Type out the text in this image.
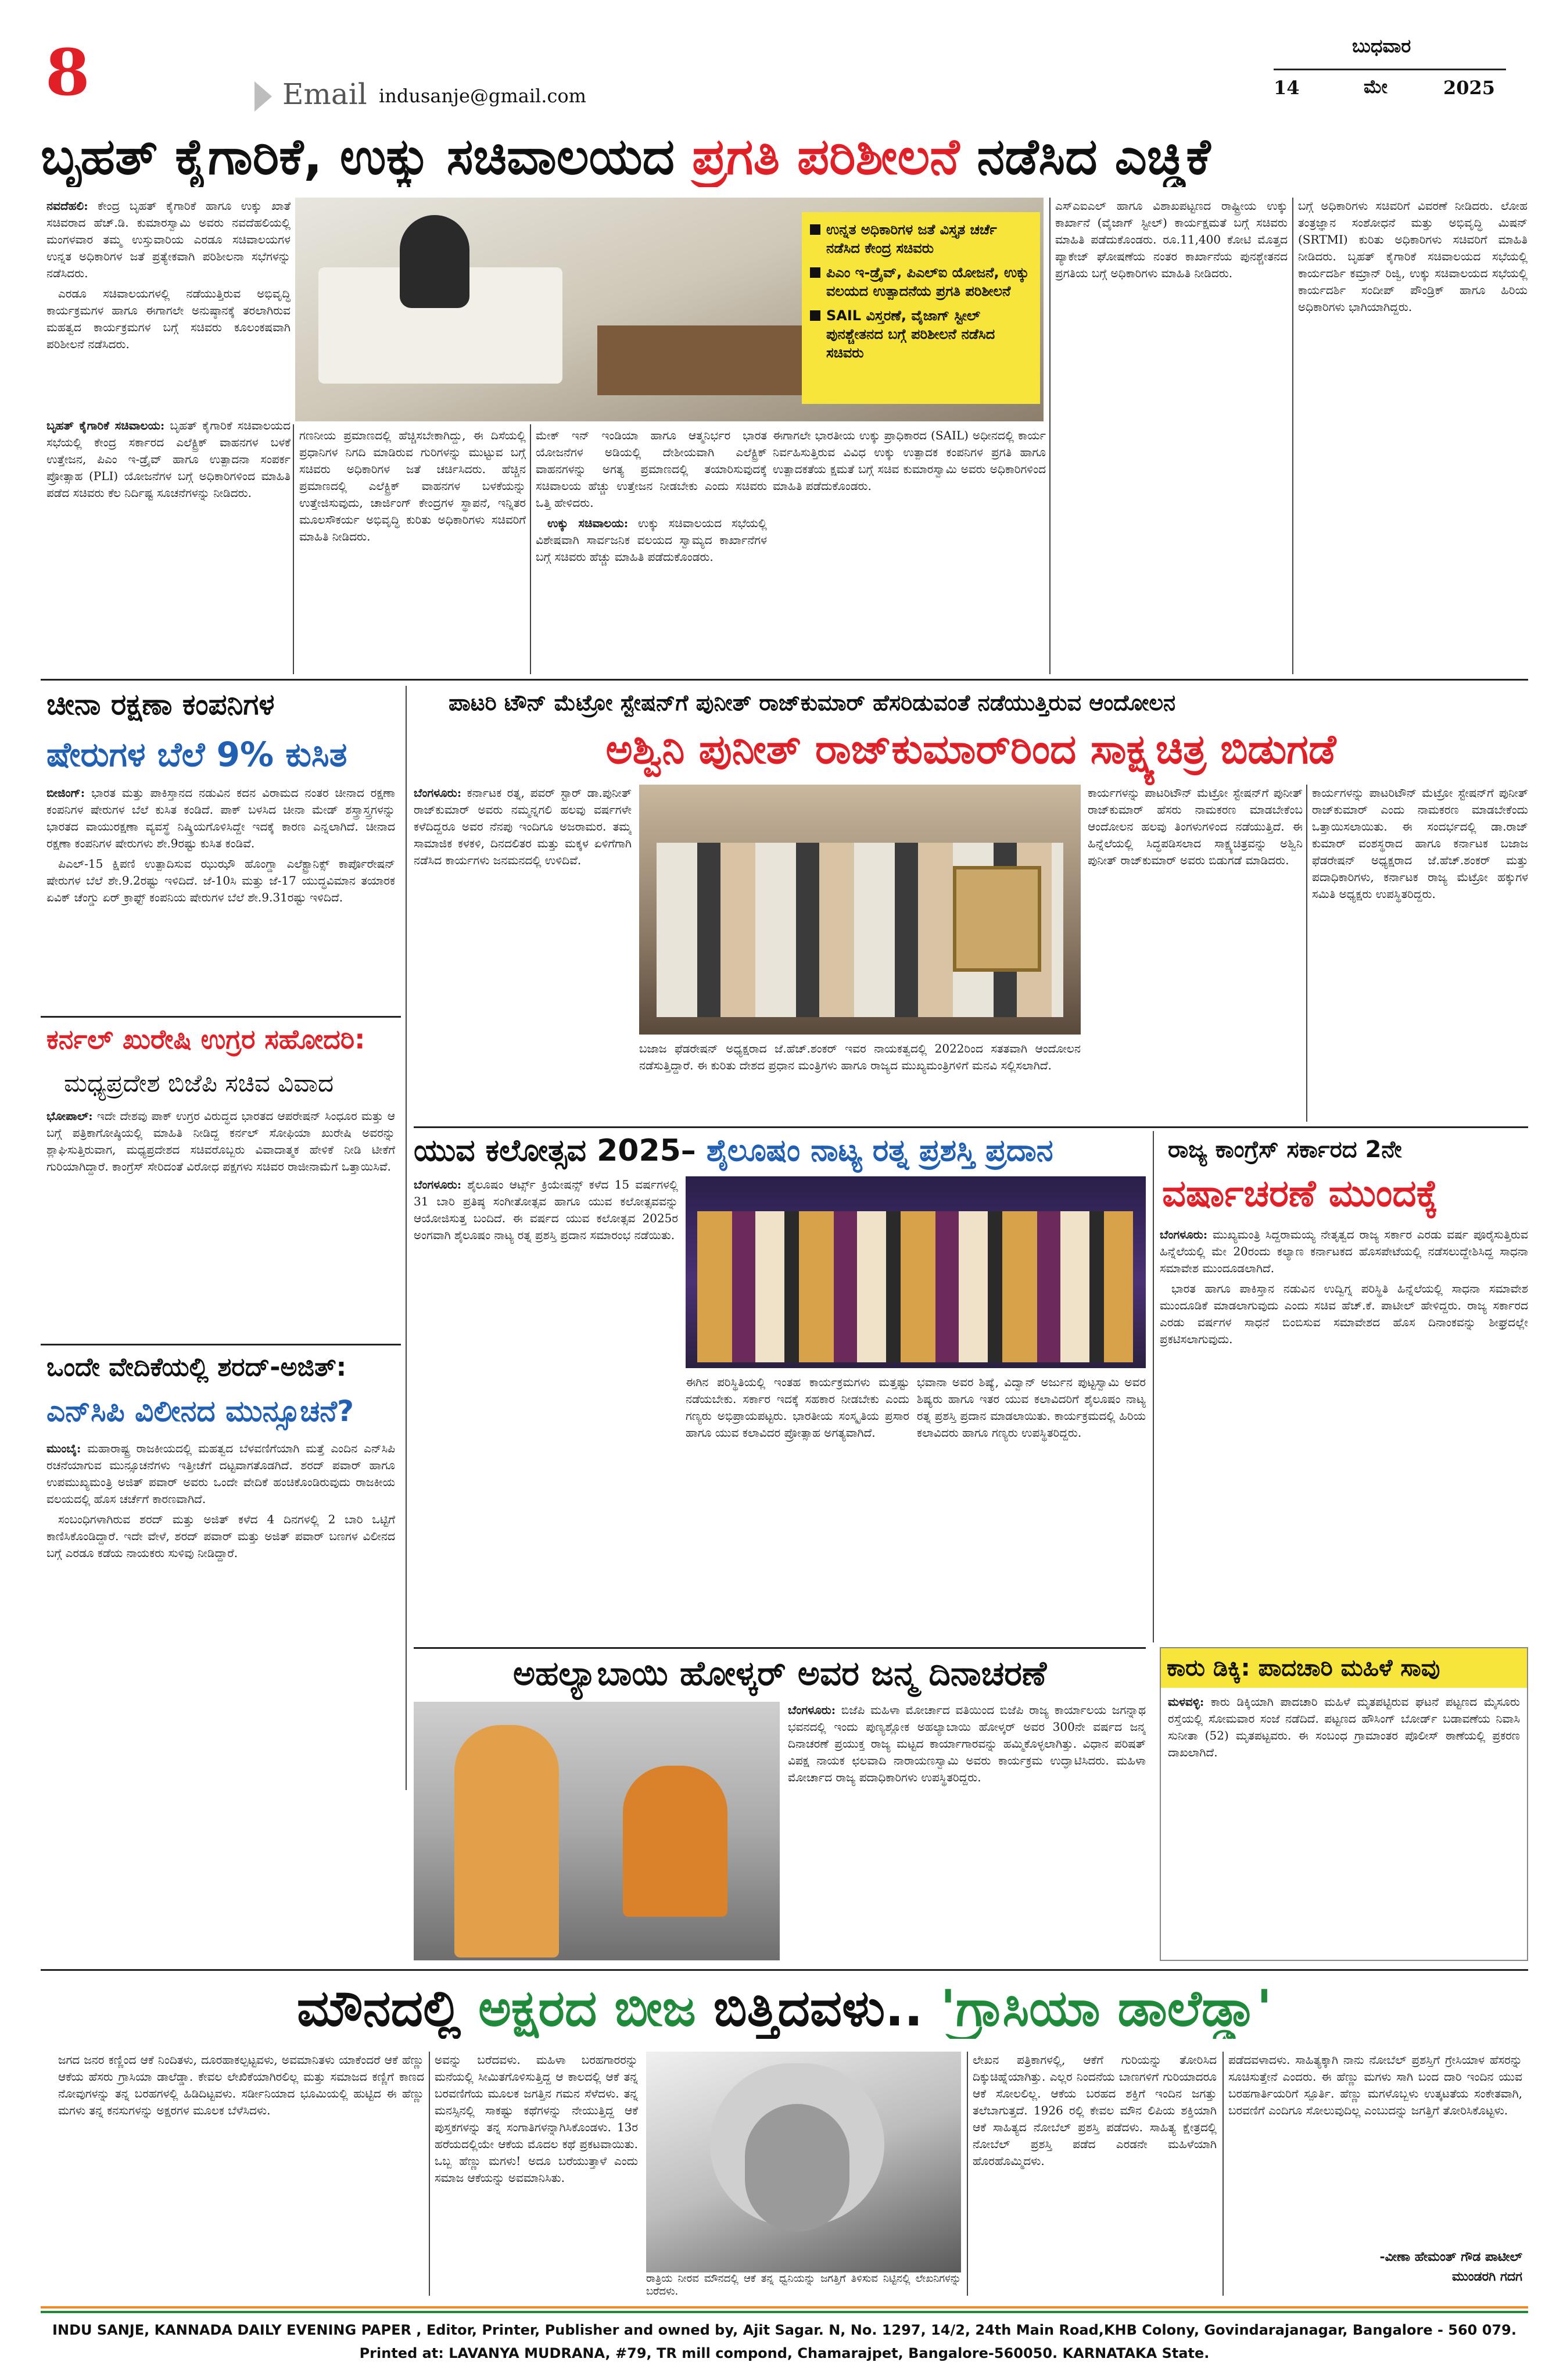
8	Email indusanje@gmail.com
ಬುಧವಾರ
14	ಮೇ	2025
ಬೃಹತ್ ಕೈಗಾರಿಕೆ, ಉಕ್ಕು ಸಚಿವಾಲಯದ ಪ್ರಗತಿ ಪರಿಶೀಲನೆ ನಡೆಸಿದ ಎಚ್ಡಿಕೆ

ನವದೆಹಲಿ: ಕೇಂದ್ರ ಬೃಹತ್ ಕೈಗಾರಿಕೆ ಹಾಗೂ ಉಕ್ಕು ಖಾತೆ ಸಚಿವರಾದ ಹೆಚ್.ಡಿ. ಕುಮಾರಸ್ವಾಮಿ ಅವರು ನವದೆಹಲಿಯಲ್ಲಿ ಮಂಗಳವಾರ ತಮ್ಮ ಉಸ್ತುವಾರಿಯ ಎರಡೂ ಸಚಿವಾಲಯಗಳ ಉನ್ನತ ಅಧಿಕಾರಿಗಳ ಜತೆ ಪ್ರತ್ಯೇಕವಾಗಿ ಪರಿಶೀಲನಾ ಸಭೆಗಳನ್ನು ನಡೆಸಿದರು.

ಎರಡೂ ಸಚಿವಾಲಯಗಳಲ್ಲಿ ನಡೆಯುತ್ತಿರುವ ಅಭಿವೃದ್ಧಿ ಕಾರ್ಯಕ್ರಮಗಳ ಹಾಗೂ ಈಗಾಗಲೇ ಅನುಷ್ಠಾನಕ್ಕೆ ತರಲಾಗಿರುವ ಮಹತ್ವದ ಕಾರ್ಯಕ್ರಮಗಳ ಬಗ್ಗೆ ಸಚಿವರು ಕೂಲಂಕಷವಾಗಿ ಪರಿಶೀಲನೆ ನಡೆಸಿದರು.

ಬೃಹತ್ ಕೈಗಾರಿಕೆ ಸಚಿವಾಲಯ: ಬೃಹತ್ ಕೈಗಾರಿಕೆ ಸಚಿವಾಲಯದ ಸಭೆಯಲ್ಲಿ ಕೇಂದ್ರ ಸರ್ಕಾರದ ಎಲೆಕ್ಟ್ರಿಕ್ ವಾಹನಗಳ ಬಳಕೆ ಉತ್ತೇಜನ, ಪಿಎಂ ಇ-ಡ್ರೈವ್ ಹಾಗೂ ಉತ್ಪಾದನಾ ಸಂಪರ್ಕ ಪ್ರೋತ್ಸಾಹ (PLI) ಯೋಜನೆಗಳ ಬಗ್ಗೆ ಅಧಿಕಾರಿಗಳಿಂದ ಮಾಹಿತಿ ಪಡೆದ ಸಚಿವರು ಕೆಲ ನಿರ್ದಿಷ್ಟ ಸೂಚನೆಗಳನ್ನು ನೀಡಿದರು.

ಗಣನೀಯ ಪ್ರಮಾಣದಲ್ಲಿ ಹೆಚ್ಚಿಸಬೇಕಾಗಿದ್ದು, ಈ ದಿಸೆಯಲ್ಲಿ ಪ್ರಧಾನಿಗಳ ನಿಗದಿ ಮಾಡಿರುವ ಗುರಿಗಳನ್ನು ಮುಟ್ಟುವ ಬಗ್ಗೆ ಸಚಿವರು ಅಧಿಕಾರಿಗಳ ಜತೆ ಚರ್ಚಿಸಿದರು. ಹೆಚ್ಚಿನ ಪ್ರಮಾಣದಲ್ಲಿ ಎಲೆಕ್ಟ್ರಿಕ್ ವಾಹನಗಳ ಬಳಕೆಯನ್ನು ಉತ್ತೇಜಿಸುವುದು, ಚಾರ್ಜಿಂಗ್ ಕೇಂದ್ರಗಳ ಸ್ಥಾಪನೆ, ಇನ್ನಿತರ ಮೂಲಸೌಕರ್ಯ ಅಭಿವೃದ್ಧಿ ಕುರಿತು ಅಧಿಕಾರಿಗಳು ಸಚಿವರಿಗೆ ಮಾಹಿತಿ ನೀಡಿದರು.

ಮೇಕ್ ಇನ್ ಇಂಡಿಯಾ ಹಾಗೂ ಆತ್ಮನಿರ್ಭರ ಭಾರತ ಯೋಜನೆಗಳ ಅಡಿಯಲ್ಲಿ ದೇಶೀಯವಾಗಿ ಎಲೆಕ್ಟ್ರಿಕ್ ವಾಹನಗಳನ್ನು ಅಗತ್ಯ ಪ್ರಮಾಣದಲ್ಲಿ ತಯಾರಿಸುವುದಕ್ಕೆ ಸಚಿವಾಲಯ ಹೆಚ್ಚು ಉತ್ತೇಜನ ನೀಡಬೇಕು ಎಂದು ಸಚಿವರು ಒತ್ತಿ ಹೇಳಿದರು.

ಉಕ್ಕು ಸಚಿವಾಲಯ: ಉಕ್ಕು ಸಚಿವಾಲಯದ ಸಭೆಯಲ್ಲಿ ವಿಶೇಷವಾಗಿ ಸಾರ್ವಜನಿಕ ವಲಯದ ಸ್ವಾಮ್ಯದ ಕಾರ್ಖಾನೆಗಳ ಬಗ್ಗೆ ಸಚಿವರು ಹೆಚ್ಚು ಮಾಹಿತಿ ಪಡೆದುಕೊಂಡರು.

ಉನ್ನತ ಅಧಿಕಾರಿಗಳ ಜತೆ ವಿಸ್ತೃತ ಚರ್ಚೆ ನಡೆಸಿದ ಕೇಂದ್ರ ಸಚಿವರು
ಪಿಎಂ ಇ-ಡ್ರೈವ್, ಪಿಎಲ್ಐ ಯೋಜನೆ, ಉಕ್ಕು ವಲಯದ ಉತ್ಪಾದನೆಯ ಪ್ರಗತಿ ಪರಿಶೀಲನೆ
SAIL ವಿಸ್ತರಣೆ, ವೈಜಾಗ್ ಸ್ಟೀಲ್ ಪುನಶ್ಚೇತನದ ಬಗ್ಗೆ ಪರಿಶೀಲನೆ ನಡೆಸಿದ ಸಚಿವರು

ಈಗಾಗಲೇ ಭಾರತೀಯ ಉಕ್ಕು ಪ್ರಾಧಿಕಾರದ (SAIL) ಅಧೀನದಲ್ಲಿ ಕಾರ್ಯ ನಿರ್ವಹಿಸುತ್ತಿರುವ ವಿವಿಧ ಉಕ್ಕು ಉತ್ಪಾದಕ ಕಂಪನಿಗಳ ಪ್ರಗತಿ ಹಾಗೂ ಉತ್ಪಾದಕತೆಯ ಕ್ಷಮತೆ ಬಗ್ಗೆ ಸಚಿವ ಕುಮಾರಸ್ವಾಮಿ ಅವರು ಅಧಿಕಾರಿಗಳಿಂದ ಮಾಹಿತಿ ಪಡೆದುಕೊಂಡರು.

ಎಸ್ಎಐಎಲ್ ಹಾಗೂ ವಿಶಾಖಪಟ್ಟಣದ ರಾಷ್ಟ್ರೀಯ ಉಕ್ಕು ಕಾರ್ಖಾನೆ (ವೈಜಾಗ್ ಸ್ಟೀಲ್) ಕಾರ್ಯಕ್ಷಮತೆ ಬಗ್ಗೆ ಸಚಿವರು ಮಾಹಿತಿ ಪಡೆದುಕೊಂಡರು. ರೂ.11,400 ಕೋಟಿ ಮೊತ್ತದ ಪ್ಯಾಕೇಜ್ ಘೋಷಣೆಯ ನಂತರ ಕಾರ್ಖಾನೆಯ ಪುನಶ್ಚೇತನದ ಪ್ರಗತಿಯ ಬಗ್ಗೆ ಅಧಿಕಾರಿಗಳು ಮಾಹಿತಿ ನೀಡಿದರು.

ಬಗ್ಗೆ ಅಧಿಕಾರಿಗಳು ಸಚಿವರಿಗೆ ವಿವರಣೆ ನೀಡಿದರು. ಲೋಹ ತಂತ್ರಜ್ಞಾನ ಸಂಶೋಧನೆ ಮತ್ತು ಅಭಿವೃದ್ಧಿ ಮಿಷನ್ (SRTMI) ಕುರಿತು ಅಧಿಕಾರಿಗಳು ಸಚಿವರಿಗೆ ಮಾಹಿತಿ ನೀಡಿದರು. ಬೃಹತ್ ಕೈಗಾರಿಕೆ ಸಚಿವಾಲಯದ ಸಭೆಯಲ್ಲಿ ಕಾರ್ಯದರ್ಶಿ ಕಮ್ರಾನ್ ರಿಜ್ವಿ, ಉಕ್ಕು ಸಚಿವಾಲಯದ ಸಭೆಯಲ್ಲಿ ಕಾರ್ಯದರ್ಶಿ ಸಂದೀಪ್ ಪೌಂಡ್ರಿಕ್ ಹಾಗೂ ಹಿರಿಯ ಅಧಿಕಾರಿಗಳು ಭಾಗಿಯಾಗಿದ್ದರು.

ಚೀನಾ ರಕ್ಷಣಾ ಕಂಪನಿಗಳ
ಷೇರುಗಳ ಬೆಲೆ 9% ಕುಸಿತ

ಬೀಜಿಂಗ್: ಭಾರತ ಮತ್ತು ಪಾಕಿಸ್ತಾನದ ನಡುವಿನ ಕದನ ವಿರಾಮದ ನಂತರ ಚೀನಾದ ರಕ್ಷಣಾ ಕಂಪನಿಗಳ ಷೇರುಗಳ ಬೆಲೆ ಕುಸಿತ ಕಂಡಿದೆ. ಪಾಕ್ ಬಳಸಿದ ಚೀನಾ ಮೇಡ್ ಶಸ್ತ್ರಾಸ್ತ್ರಗಳನ್ನು ಭಾರತದ ವಾಯುರಕ್ಷಣಾ ವ್ಯವಸ್ಥೆ ನಿಷ್ಕ್ರಿಯಗೊಳಿಸಿದ್ದೇ ಇದಕ್ಕೆ ಕಾರಣ ಎನ್ನಲಾಗಿದೆ. ಚೀನಾದ ರಕ್ಷಣಾ ಕಂಪನಿಗಳ ಷೇರುಗಳು ಶೇ.9ರಷ್ಟು ಕುಸಿತ ಕಂಡಿವೆ.

ಪಿಎಲ್-15 ಕ್ಷಿಪಣಿ ಉತ್ಪಾದಿಸುವ ಝುಝೌ ಹೊಂಗ್ಡಾ ಎಲೆಕ್ಟ್ರಾನಿಕ್ಸ್ ಕಾರ್ಪೊರೇಷನ್ ಷೇರುಗಳ ಬೆಲೆ ಶೇ.9.2ರಷ್ಟು ಇಳಿದಿದೆ. ಜೆ-10ಸಿ ಮತ್ತು ಜೆ-17 ಯುದ್ಧವಿಮಾನ ತಯಾರಕ ಏವಿಕ್ ಚೆಂಗ್ಡು ಏರ್ ಕ್ರಾಫ್ಟ್ ಕಂಪನಿಯ ಷೇರುಗಳ ಬೆಲೆ ಶೇ.9.31ರಷ್ಟು ಇಳಿದಿದೆ.

ಕರ್ನಲ್ ಖುರೇಷಿ ಉಗ್ರರ ಸಹೋದರಿ:
ಮಧ್ಯಪ್ರದೇಶ ಬಿಜೆಪಿ ಸಚಿವ ವಿವಾದ

ಭೋಪಾಲ್: ಇದೇ ದೇಶವು ಪಾಕ್ ಉಗ್ರರ ವಿರುದ್ಧದ ಭಾರತದ ಆಪರೇಷನ್ ಸಿಂಧೂರ ಮತ್ತು ಆ ಬಗ್ಗೆ ಪತ್ರಿಕಾಗೋಷ್ಠಿಯಲ್ಲಿ ಮಾಹಿತಿ ನೀಡಿದ್ದ ಕರ್ನಲ್ ಸೋಫಿಯಾ ಖುರೇಷಿ ಅವರನ್ನು ಶ್ಲಾಘಿಸುತ್ತಿರುವಾಗ, ಮಧ್ಯಪ್ರದೇಶದ ಸಚಿವರೊಬ್ಬರು ವಿವಾದಾತ್ಮಕ ಹೇಳಿಕೆ ನೀಡಿ ಟೀಕೆಗೆ ಗುರಿಯಾಗಿದ್ದಾರೆ. ಕಾಂಗ್ರೆಸ್ ಸೇರಿದಂತೆ ವಿರೋಧ ಪಕ್ಷಗಳು ಸಚಿವರ ರಾಜೀನಾಮೆಗೆ ಒತ್ತಾಯಿಸಿವೆ.

ಒಂದೇ ವೇದಿಕೆಯಲ್ಲಿ ಶರದ್-ಅಜಿತ್:
ಎನ್‌ಸಿಪಿ ವಿಲೀನದ ಮುನ್ಸೂಚನೆ?

ಮುಂಬೈ: ಮಹಾರಾಷ್ಟ್ರ ರಾಜಕೀಯದಲ್ಲಿ ಮಹತ್ವದ ಬೆಳವಣಿಗೆಯಾಗಿ ಮತ್ತೆ ಎಂದಿನ ಎನ್‌ಸಿಪಿ ರಚನೆಯಾಗುವ ಮುನ್ಸೂಚನೆಗಳು ಇತ್ತೀಚೆಗೆ ದಟ್ಟವಾಗತೊಡಗಿದೆ. ಶರದ್ ಪವಾರ್ ಹಾಗೂ ಉಪಮುಖ್ಯಮಂತ್ರಿ ಅಜಿತ್ ಪವಾರ್ ಅವರು ಒಂದೇ ವೇದಿಕೆ ಹಂಚಿಕೊಂಡಿರುವುದು ರಾಜಕೀಯ ವಲಯದಲ್ಲಿ ಹೊಸ ಚರ್ಚೆಗೆ ಕಾರಣವಾಗಿದೆ.

ಸಂಬಂಧಿಗಳಾಗಿರುವ ಶರದ್ ಮತ್ತು ಅಜಿತ್ ಕಳೆದ 4 ದಿನಗಳಲ್ಲಿ 2 ಬಾರಿ ಒಟ್ಟಿಗೆ ಕಾಣಿಸಿಕೊಂಡಿದ್ದಾರೆ. ಇದೇ ವೇಳೆ, ಶರದ್ ಪವಾರ್ ಮತ್ತು ಅಜಿತ್ ಪವಾರ್ ಬಣಗಳ ವಿಲೀನದ ಬಗ್ಗೆ ಎರಡೂ ಕಡೆಯ ನಾಯಕರು ಸುಳಿವು ನೀಡಿದ್ದಾರೆ.

ಪಾಟರಿ ಟೌನ್ ಮೆಟ್ರೋ ಸ್ಟೇಷನ್‌ಗೆ ಪುನೀತ್ ರಾಜ್‌ಕುಮಾರ್ ಹೆಸರಿಡುವಂತೆ ನಡೆಯುತ್ತಿರುವ ಆಂದೋಲನ
ಅಶ್ವಿನಿ ಪುನೀತ್ ರಾಜ್‌ಕುಮಾರ್‌ರಿಂದ ಸಾಕ್ಷ್ಯಚಿತ್ರ ಬಿಡುಗಡೆ

ಬೆಂಗಳೂರು: ಕರ್ನಾಟಕ ರತ್ನ, ಪವರ್ ಸ್ಟಾರ್ ಡಾ.ಪುನೀತ್ ರಾಜ್‌ಕುಮಾರ್ ಅವರು ನಮ್ಮನ್ನಗಲಿ ಹಲವು ವರ್ಷಗಳೇ ಕಳೆದಿದ್ದರೂ ಅವರ ನೆನಪು ಇಂದಿಗೂ ಅಜರಾಮರ. ತಮ್ಮ ಸಾಮಾಜಿಕ ಕಳಕಳಿ, ದಿನದಲಿತರ ಮತ್ತು ಮಕ್ಕಳ ಏಳಿಗೆಗಾಗಿ ನಡೆಸಿದ ಕಾರ್ಯಗಳು ಜನಮನದಲ್ಲಿ ಉಳಿದಿವೆ.

ಬಜಾಜ ಫೆಡರೇಷನ್ ಅಧ್ಯಕ್ಷರಾದ ಜೆ.ಹೆಚ್.ಶಂಕರ್ ಇವರ ನಾಯಕತ್ವದಲ್ಲಿ 2022ರಿಂದ ಸತತವಾಗಿ ಆಂದೋಲನ ನಡೆಸುತ್ತಿದ್ದಾರೆ. ಈ ಕುರಿತು ದೇಶದ ಪ್ರಧಾನ ಮಂತ್ರಿಗಳು ಹಾಗೂ ರಾಜ್ಯದ ಮುಖ್ಯಮಂತ್ರಿಗಳಿಗೆ ಮನವಿ ಸಲ್ಲಿಸಲಾಗಿದೆ.

ಕಾರ್ಯಗಳನ್ನು ಪಾಟರಿಟೌನ್ ಮೆಟ್ರೋ ಸ್ಟೇಷನ್‌ಗೆ ಪುನೀತ್ ರಾಜ್‌ಕುಮಾರ್ ಹೆಸರು ನಾಮಕರಣ ಮಾಡಬೇಕೆಂಬ ಆಂದೋಲನ ಹಲವು ತಿಂಗಳುಗಳಿಂದ ನಡೆಯುತ್ತಿದೆ. ಈ ಹಿನ್ನೆಲೆಯಲ್ಲಿ ಸಿದ್ಧಪಡಿಸಲಾದ ಸಾಕ್ಷ್ಯಚಿತ್ರವನ್ನು ಅಶ್ವಿನಿ ಪುನೀತ್ ರಾಜ್‌ಕುಮಾರ್ ಅವರು ಬಿಡುಗಡೆ ಮಾಡಿದರು.

ಕಾರ್ಯಗಳನ್ನು ಪಾಟರಿಟೌನ್ ಮೆಟ್ರೋ ಸ್ಟೇಷನ್‌ಗೆ ಪುನೀತ್ ರಾಜ್‌ಕುಮಾರ್ ಎಂದು ನಾಮಕರಣ ಮಾಡಬೇಕೆಂದು ಒತ್ತಾಯಿಸಲಾಯಿತು. ಈ ಸಂದರ್ಭದಲ್ಲಿ ಡಾ.ರಾಜ್ ಕುಮಾರ್ ವಂಶಸ್ಥರಾದ ಹಾಗೂ ಕರ್ನಾಟಕ ಬಜಾಜ ಫೆಡರೇಷನ್ ಅಧ್ಯಕ್ಷರಾದ ಜೆ.ಹೆಚ್.ಶಂಕರ್ ಮತ್ತು ಪದಾಧಿಕಾರಿಗಳು, ಕರ್ನಾಟಕ ರಾಜ್ಯ ಮೆಟ್ರೋ ಹಕ್ಕುಗಳ ಸಮಿತಿ ಅಧ್ಯಕ್ಷರು ಉಪಸ್ಥಿತರಿದ್ದರು.

ಯುವ ಕಲೋತ್ಸವ 2025– ಶೈಲೂಷಂ ನಾಟ್ಯ ರತ್ನ ಪ್ರಶಸ್ತಿ ಪ್ರದಾನ

ಬೆಂಗಳೂರು: ಶೈಲೂಷಂ ಆರ್ಟ್ಸ್ ಕ್ರಿಯೇಷನ್ಸ್ ಕಳೆದ 15 ವರ್ಷಗಳಲ್ಲಿ 31 ಬಾರಿ ಪ್ರತಿಷ್ಠ ಸಂಗೀತೋತ್ಸವ ಹಾಗೂ ಯುವ ಕಲೋತ್ಸವವನ್ನು ಆಯೋಜಿಸುತ್ತ ಬಂದಿದೆ. ಈ ವರ್ಷದ ಯುವ ಕಲೋತ್ಸವ 2025ರ ಅಂಗವಾಗಿ ಶೈಲೂಷಂ ನಾಟ್ಯ ರತ್ನ ಪ್ರಶಸ್ತಿ ಪ್ರದಾನ ಸಮಾರಂಭ ನಡೆಯಿತು.

ಈಗಿನ ಪರಿಸ್ಥಿತಿಯಲ್ಲಿ ಇಂತಹ ಕಾರ್ಯಕ್ರಮಗಳು ಮತ್ತಷ್ಟು ನಡೆಯಬೇಕು. ಸರ್ಕಾರ ಇದಕ್ಕೆ ಸಹಕಾರ ನೀಡಬೇಕು ಎಂದು ಗಣ್ಯರು ಅಭಿಪ್ರಾಯಪಟ್ಟರು. ಭಾರತೀಯ ಸಂಸ್ಕೃತಿಯ ಪ್ರಸಾರ ಹಾಗೂ ಯುವ ಕಲಾವಿದರ ಪ್ರೋತ್ಸಾಹ ಅಗತ್ಯವಾಗಿದೆ.

ಭವಾನಾ ಅವರ ಶಿಷ್ಯೆ, ವಿದ್ವಾನ್ ಅರ್ಜುನ ಪುಟ್ಟಸ್ವಾಮಿ ಅವರ ಶಿಷ್ಯರು ಹಾಗೂ ಇತರ ಯುವ ಕಲಾವಿದರಿಗೆ ಶೈಲೂಷಂ ನಾಟ್ಯ ರತ್ನ ಪ್ರಶಸ್ತಿ ಪ್ರದಾನ ಮಾಡಲಾಯಿತು. ಕಾರ್ಯಕ್ರಮದಲ್ಲಿ ಹಿರಿಯ ಕಲಾವಿದರು ಹಾಗೂ ಗಣ್ಯರು ಉಪಸ್ಥಿತರಿದ್ದರು.

ರಾಜ್ಯ ಕಾಂಗ್ರೆಸ್ ಸರ್ಕಾರದ 2ನೇ
ವರ್ಷಾಚರಣೆ ಮುಂದಕ್ಕೆ

ಬೆಂಗಳೂರು: ಮುಖ್ಯಮಂತ್ರಿ ಸಿದ್ದರಾಮಯ್ಯ ನೇತೃತ್ವದ ರಾಜ್ಯ ಸರ್ಕಾರ ಎರಡು ವರ್ಷ ಪೂರೈಸುತ್ತಿರುವ ಹಿನ್ನೆಲೆಯಲ್ಲಿ ಮೇ 20ರಂದು ಕಲ್ಯಾಣ ಕರ್ನಾಟಕದ ಹೊಸಪೇಟೆಯಲ್ಲಿ ನಡೆಸಲುದ್ದೇಶಿಸಿದ್ದ ಸಾಧನಾ ಸಮಾವೇಶ ಮುಂದೂಡಲಾಗಿದೆ.

ಭಾರತ ಹಾಗೂ ಪಾಕಿಸ್ತಾನ ನಡುವಿನ ಉದ್ವಿಗ್ನ ಪರಿಸ್ಥಿತಿ ಹಿನ್ನೆಲೆಯಲ್ಲಿ ಸಾಧನಾ ಸಮಾವೇಶ ಮುಂದೂಡಿಕೆ ಮಾಡಲಾಗುವುದು ಎಂದು ಸಚಿವ ಹೆಚ್.ಕೆ. ಪಾಟೀಲ್ ಹೇಳಿದ್ದರು. ರಾಜ್ಯ ಸರ್ಕಾರದ ಎರಡು ವರ್ಷಗಳ ಸಾಧನೆ ಬಿಂಬಿಸುವ ಸಮಾವೇಶದ ಹೊಸ ದಿನಾಂಕವನ್ನು ಶೀಘ್ರದಲ್ಲೇ ಪ್ರಕಟಿಸಲಾಗುವುದು.

ಅಹಲ್ಯಾಬಾಯಿ ಹೋಳ್ಕರ್ ಅವರ ಜನ್ಮ ದಿನಾಚರಣೆ

ಬೆಂಗಳೂರು: ಬಿಜೆಪಿ ಮಹಿಳಾ ಮೋರ್ಚಾದ ವತಿಯಿಂದ ಬಿಜೆಪಿ ರಾಜ್ಯ ಕಾರ್ಯಾಲಯ ಜಗನ್ನಾಥ ಭವನದಲ್ಲಿ ಇಂದು ಪುಣ್ಯಶ್ಲೋಕ ಅಹಲ್ಯಾಬಾಯಿ ಹೋಳ್ಕರ್ ಅವರ 300ನೇ ವರ್ಷದ ಜನ್ಮ ದಿನಾಚರಣೆ ಪ್ರಯುಕ್ತ ರಾಜ್ಯ ಮಟ್ಟದ ಕಾರ್ಯಾಗಾರವನ್ನು ಹಮ್ಮಿಕೊಳ್ಳಲಾಗಿತ್ತು. ವಿಧಾನ ಪರಿಷತ್ ವಿಪಕ್ಷ ನಾಯಕ ಛಲವಾದಿ ನಾರಾಯಣಸ್ವಾಮಿ ಅವರು ಕಾರ್ಯಕ್ರಮ ಉದ್ಘಾಟಿಸಿದರು. ಮಹಿಳಾ ಮೋರ್ಚಾದ ರಾಜ್ಯ ಪದಾಧಿಕಾರಿಗಳು ಉಪಸ್ಥಿತರಿದ್ದರು.

ಕಾರು ಡಿಕ್ಕಿ: ಪಾದಚಾರಿ ಮಹಿಳೆ ಸಾವು

ಮಳವಳ್ಳಿ: ಕಾರು ಡಿಕ್ಕಿಯಾಗಿ ಪಾದಚಾರಿ ಮಹಿಳೆ ಮೃತಪಟ್ಟಿರುವ ಘಟನೆ ಪಟ್ಟಣದ ಮೈಸೂರು ರಸ್ತೆಯಲ್ಲಿ ಸೋಮವಾರ ಸಂಜೆ ನಡೆದಿದೆ. ಪಟ್ಟಣದ ಹೌಸಿಂಗ್ ಬೋರ್ಡ್ ಬಡಾವಣೆಯ ನಿವಾಸಿ ಸುನೀತಾ (52) ಮೃತಪಟ್ಟವರು. ಈ ಸಂಬಂಧ ಗ್ರಾಮಾಂತರ ಪೊಲೀಸ್ ಠಾಣೆಯಲ್ಲಿ ಪ್ರಕರಣ ದಾಖಲಾಗಿದೆ.

ಮೌನದಲ್ಲಿ ಅಕ್ಷರದ ಬೀಜ ಬಿತ್ತಿದವಳು.. 'ಗ್ರಾಸಿಯಾ ಡಾಲೆಡ್ಡಾ'

ಜಗದ ಜನರ ಕಣ್ಣಿಂದ ಆಕೆ ನಿಂದಿತಳು, ದೂರಹಾಕಲ್ಪಟ್ಟವಳು, ಅವಮಾನಿತಳು ಯಾಕೆಂದರೆ ಆಕೆ ಹೆಣ್ಣು ಆಕೆಯ ಹೆಸರು ಗ್ರಾಸಿಯಾ ಡಾಲೆಡ್ಡಾ. ಕೇವಲ ಲೇಖಿಕೆಯಾಗಿರಲಿಲ್ಲ ಮತ್ತು ಸಮಾಜದ ಕಣ್ಣಿಗೆ ಕಾಣದ ನೋವುಗಳನ್ನು ತನ್ನ ಬರಹಗಳಲ್ಲಿ ಹಿಡಿದಿಟ್ಟವಳು. ಸರ್ಡೀನಿಯಾದ ಭೂಮಿಯಲ್ಲಿ ಹುಟ್ಟಿದ ಈ ಹೆಣ್ಣು ಮಗಳು ತನ್ನ ಕನಸುಗಳನ್ನು ಅಕ್ಷರಗಳ ಮೂಲಕ ಬೆಳೆಸಿದಳು.

ಅವನ್ನು ಬರೆದವಳು. ಮಹಿಳಾ ಬರಹಗಾರರನ್ನು ಮನೆಯಲ್ಲಿ ಸೀಮಿತಗೊಳಿಸುತ್ತಿದ್ದ ಆ ಕಾಲದಲ್ಲಿ ಆಕೆ ತನ್ನ ಬರವಣಿಗೆಯ ಮೂಲಕ ಜಗತ್ತಿನ ಗಮನ ಸೆಳೆದಳು. ತನ್ನ ಮನಸ್ಸಿನಲ್ಲಿ ಸಾಕಷ್ಟು ಕಥೆಗಳನ್ನು ನೇಯುತ್ತಿದ್ದ ಆಕೆ ಪುಸ್ತಕಗಳನ್ನು ತನ್ನ ಸಂಗಾತಿಗಳನ್ನಾಗಿಸಿಕೊಂಡಳು. 13ರ ಹರೆಯದಲ್ಲಿಯೇ ಆಕೆಯ ಮೊದಲ ಕಥೆ ಪ್ರಕಟವಾಯಿತು. ಒಬ್ಬ ಹೆಣ್ಣು ಮಗಳು! ಅದೂ ಬರೆಯುತ್ತಾಳೆ ಎಂದು ಸಮಾಜ ಆಕೆಯನ್ನು ಅವಮಾನಿಸಿತು.

ರಾತ್ರಿಯ ನೀರವ ಮೌನದಲ್ಲಿ ಆಕೆ ತನ್ನ ಧ್ವನಿಯನ್ನು ಜಗತ್ತಿಗೆ ತಿಳಿಸುವ ನಿಟ್ಟಿನಲ್ಲಿ ಲೇಖನಿಗಳನ್ನು ಬರೆದಳು.

ಲೇಖನ ಪತ್ರಿಕಾಗಳಲ್ಲಿ, ಆಕೆಗೆ ಗುರಿಯನ್ನು ತೋರಿಸಿದ ದಿಕ್ಕುಚಿಹ್ನೆಯಾಗಿತ್ತು. ಎಲ್ಲರ ನಿಂದನೆಯ ಬಾಣಗಳಿಗೆ ಗುರಿಯಾದರೂ ಆಕೆ ಸೋಲಲಿಲ್ಲ. ಆಕೆಯ ಬರಹದ ಶಕ್ತಿಗೆ ಇಂದಿನ ಜಗತ್ತು ತಲೆಬಾಗುತ್ತದೆ. 1926 ರಲ್ಲಿ ಕೇವಲ ಮೌನ ಲಿಪಿಯ ಶಕ್ತಿಯಾಗಿ ಆಕೆ ಸಾಹಿತ್ಯದ ನೋಬೆಲ್ ಪ್ರಶಸ್ತಿ ಪಡೆದಳು. ಸಾಹಿತ್ಯ ಕ್ಷೇತ್ರದಲ್ಲಿ ನೋಬೆಲ್ ಪ್ರಶಸ್ತಿ ಪಡೆದ ಎರಡನೇ ಮಹಿಳೆಯಾಗಿ ಹೊರಹೊಮ್ಮಿದಳು.

ಪಡೆದವಳಾದಳು. ಸಾಹಿತ್ಯಕ್ಕಾಗಿ ನಾನು ನೋಬೆಲ್ ಪ್ರಶಸ್ತಿಗೆ ಗ್ರೇಸಿಯಾಳ ಹೆಸರನ್ನು ಸೂಚಿಸುತ್ತೇನೆ ಎಂದರು. ಈ ಹೆಣ್ಣು ಮಗಳು ಸಾಗಿ ಬಂದ ದಾರಿ ಇಂದಿನ ಯುವ ಬರಹಗಾರ್ತಿಯರಿಗೆ ಸ್ಪೂರ್ತಿ. ಹೆಣ್ಣು ಮಗಳೊಬ್ಬಳು ಉತ್ಕಟತೆಯ ಸಂಕೇತವಾಗಿ, ಬರವಣಿಗೆ ಎಂದಿಗೂ ಸೋಲುವುದಿಲ್ಲ ಎಂಬುದನ್ನು ಜಗತ್ತಿಗೆ ತೋರಿಸಿಕೊಟ್ಟಳು.

-ವೀಣಾ ಹೇಮಂತ್ ಗೌಡ ಪಾಟೀಲ್
ಮುಂಡರಗಿ ಗದಗ
INDU SANJE, KANNADA DAILY EVENING PAPER , Editor, Printer, Publisher and owned by, Ajit Sagar. N, No. 1297, 14/2, 24th Main Road,KHB Colony, Govindarajanagar, Bangalore - 560 079.
Printed at: LAVANYA MUDRANA, #79, TR mill compond, Chamarajpet, Bangalore-560050. KARNATAKA State.
